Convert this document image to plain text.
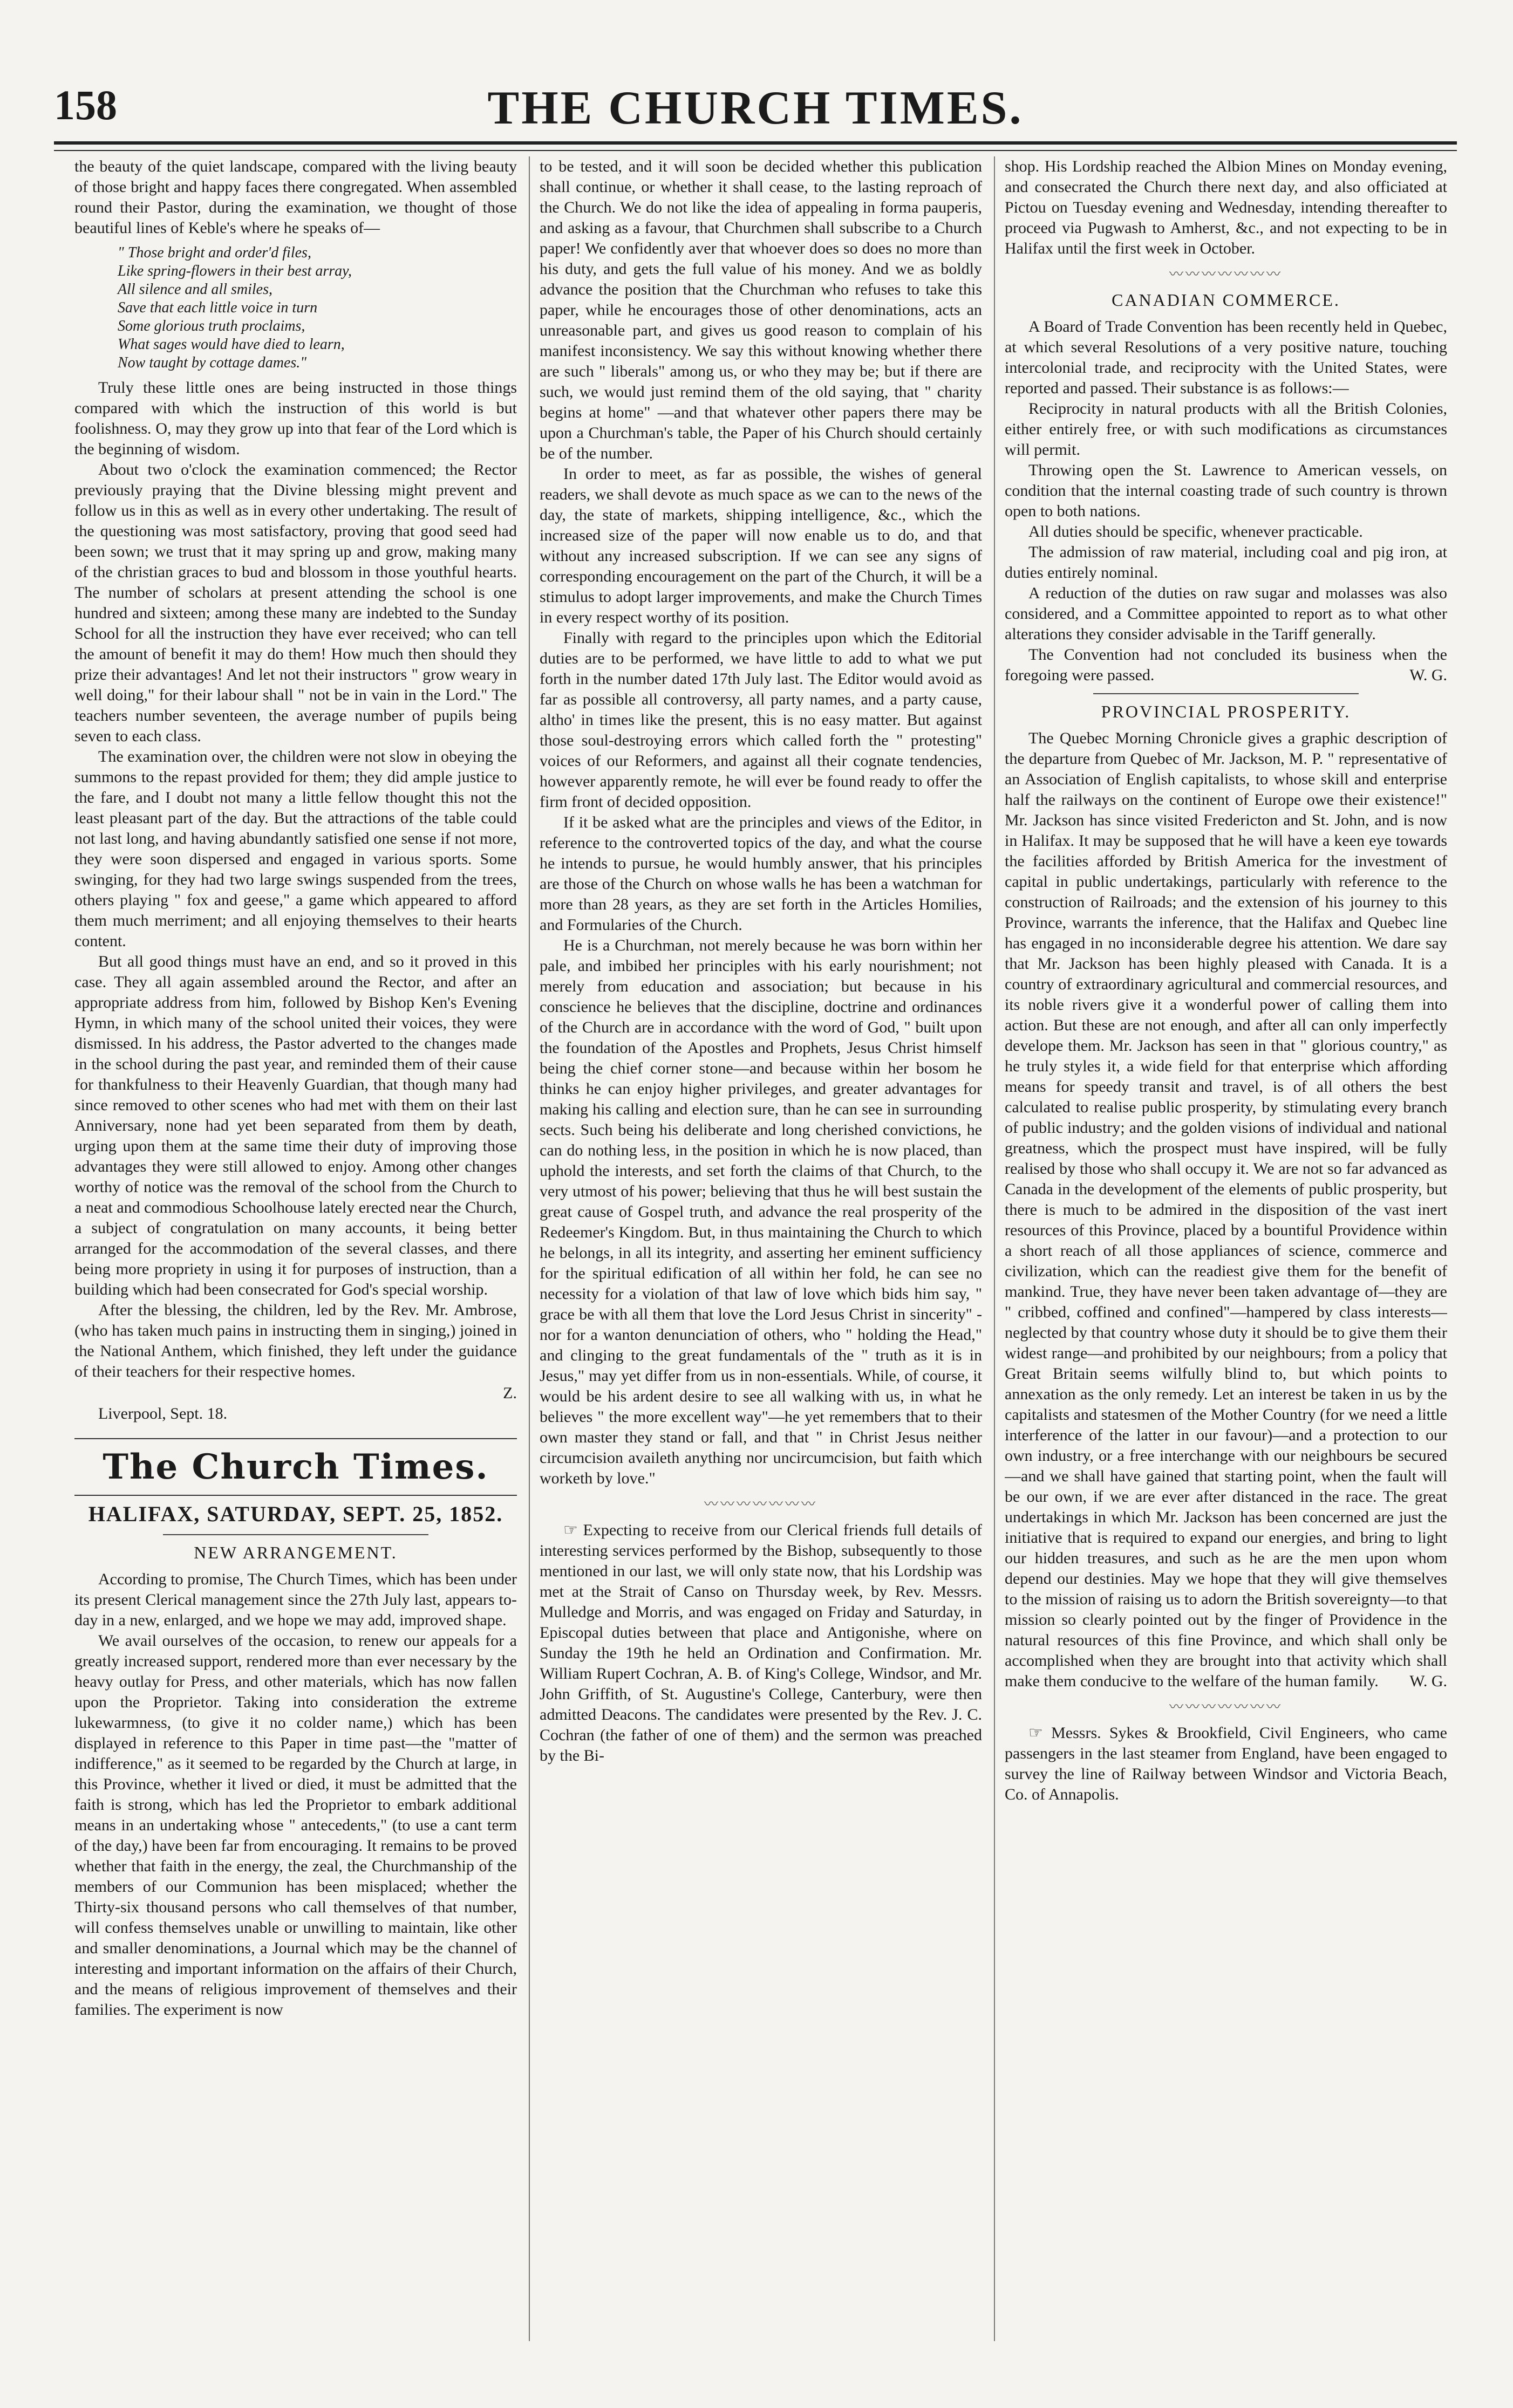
158	THE CHURCH TIMES.

the beauty of the quiet landscape, compared with the living beauty of those bright and happy faces there congregated. When assembled round their Pastor, during the examination, we thought of those beautiful lines of Keble's where he speaks of—

" Those bright and order'd files,
Like spring-flowers in their best array,
All silence and all smiles,
Save that each little voice in turn
Some glorious truth proclaims,
What sages would have died to learn,
Now taught by cottage dames."

Truly these little ones are being instructed in those things compared with which the instruction of this world is but foolishness. O, may they grow up into that fear of the Lord which is the beginning of wisdom.

About two o'clock the examination commenced; the Rector previously praying that the Divine blessing might prevent and follow us in this as well as in every other undertaking. The result of the questioning was most satisfactory, proving that good seed had been sown; we trust that it may spring up and grow, making many of the christian graces to bud and blossom in those youthful hearts. The number of scholars at present attending the school is one hundred and sixteen; among these many are indebted to the Sunday School for all the instruction they have ever received; who can tell the amount of benefit it may do them! How much then should they prize their advantages! And let not their instructors " grow weary in well doing," for their labour shall " not be in vain in the Lord." The teachers number seventeen, the average number of pupils being seven to each class.

The examination over, the children were not slow in obeying the summons to the repast provided for them; they did ample justice to the fare, and I doubt not many a little fellow thought this not the least pleasant part of the day. But the attractions of the table could not last long, and having abundantly satisfied one sense if not more, they were soon dispersed and engaged in various sports. Some swinging, for they had two large swings suspended from the trees, others playing " fox and geese," a game which appeared to afford them much merriment; and all enjoying themselves to their hearts content.

But all good things must have an end, and so it proved in this case. They all again assembled around the Rector, and after an appropriate address from him, followed by Bishop Ken's Evening Hymn, in which many of the school united their voices, they were dismissed. In his address, the Pastor adverted to the changes made in the school during the past year, and reminded them of their cause for thankfulness to their Heavenly Guardian, that though many had since removed to other scenes who had met with them on their last Anniversary, none had yet been separated from them by death, urging upon them at the same time their duty of improving those advantages they were still allowed to enjoy. Among other changes worthy of notice was the removal of the school from the Church to a neat and commodious Schoolhouse lately erected near the Church, a subject of congratulation on many accounts, it being better arranged for the accommodation of the several classes, and there being more propriety in using it for purposes of instruction, than a building which had been consecrated for God's special worship.

After the blessing, the children, led by the Rev. Mr. Ambrose, (who has taken much pains in instructing them in singing,) joined in the National Anthem, which finished, they left under the guidance of their teachers for their respective homes.

Z.
Liverpool, Sept. 18.
The Church Times.
HALIFAX, SATURDAY, SEPT. 25, 1852.
NEW ARRANGEMENT.

According to promise, The Church Times, which has been under its present Clerical management since the 27th July last, appears to-day in a new, enlarged, and we hope we may add, improved shape.

We avail ourselves of the occasion, to renew our appeals for a greatly increased support, rendered more than ever necessary by the heavy outlay for Press, and other materials, which has now fallen upon the Proprietor. Taking into consideration the extreme lukewarmness, (to give it no colder name,) which has been displayed in reference to this Paper in time past—the "matter of indifference," as it seemed to be regarded by the Church at large, in this Province, whether it lived or died, it must be admitted that the faith is strong, which has led the Proprietor to embark additional means in an undertaking whose " antecedents," (to use a cant term of the day,) have been far from encouraging. It remains to be proved whether that faith in the energy, the zeal, the Churchmanship of the members of our Communion has been misplaced; whether the Thirty-six thousand persons who call themselves of that number, will confess themselves unable or unwilling to maintain, like other and smaller denominations, a Journal which may be the channel of interesting and important information on the affairs of their Church, and the means of religious improvement of themselves and their families. The experiment is now

to be tested, and it will soon be decided whether this publication shall continue, or whether it shall cease, to the lasting reproach of the Church. We do not like the idea of appealing in forma pauperis, and asking as a favour, that Churchmen shall subscribe to a Church paper! We confidently aver that whoever does so does no more than his duty, and gets the full value of his money. And we as boldly advance the position that the Churchman who refuses to take this paper, while he encourages those of other denominations, acts an unreasonable part, and gives us good reason to complain of his manifest inconsistency. We say this without knowing whether there are such " liberals" among us, or who they may be; but if there are such, we would just remind them of the old saying, that " charity begins at home" —and that whatever other papers there may be upon a Churchman's table, the Paper of his Church should certainly be of the number.

In order to meet, as far as possible, the wishes of general readers, we shall devote as much space as we can to the news of the day, the state of markets, shipping intelligence, &c., which the increased size of the paper will now enable us to do, and that without any increased subscription. If we can see any signs of corresponding encouragement on the part of the Church, it will be a stimulus to adopt larger improvements, and make the Church Times in every respect worthy of its position.

Finally with regard to the principles upon which the Editorial duties are to be performed, we have little to add to what we put forth in the number dated 17th July last. The Editor would avoid as far as possible all controversy, all party names, and a party cause, altho' in times like the present, this is no easy matter. But against those soul-destroying errors which called forth the " protesting" voices of our Reformers, and against all their cognate tendencies, however apparently remote, he will ever be found ready to offer the firm front of decided opposition.

If it be asked what are the principles and views of the Editor, in reference to the controverted topics of the day, and what the course he intends to pursue, he would humbly answer, that his principles are those of the Church on whose walls he has been a watchman for more than 28 years, as they are set forth in the Articles Homilies, and Formularies of the Church.

He is a Churchman, not merely because he was born within her pale, and imbibed her principles with his early nourishment; not merely from education and association; but because in his conscience he believes that the discipline, doctrine and ordinances of the Church are in accordance with the word of God, " built upon the foundation of the Apostles and Prophets, Jesus Christ himself being the chief corner stone—and because within her bosom he thinks he can enjoy higher privileges, and greater advantages for making his calling and election sure, than he can see in surrounding sects. Such being his deliberate and long cherished convictions, he can do nothing less, in the position in which he is now placed, than uphold the interests, and set forth the claims of that Church, to the very utmost of his power; believing that thus he will best sustain the great cause of Gospel truth, and advance the real prosperity of the Redeemer's Kingdom. But, in thus maintaining the Church to which he belongs, in all its integrity, and asserting her eminent sufficiency for the spiritual edification of all within her fold, he can see no necessity for a violation of that law of love which bids him say, " grace be with all them that love the Lord Jesus Christ in sincerity" -nor for a wanton denunciation of others, who " holding the Head," and clinging to the great fundamentals of the " truth as it is in Jesus," may yet differ from us in non-essentials. While, of course, it would be his ardent desire to see all walking with us, in what he believes " the more excellent way"—he yet remembers that to their own master they stand or fall, and that " in Christ Jesus neither circumcision availeth anything nor uncircumcision, but faith which worketh by love."

〰〰〰〰〰〰〰

☞ Expecting to receive from our Clerical friends full details of interesting services performed by the Bishop, subsequently to those mentioned in our last, we will only state now, that his Lordship was met at the Strait of Canso on Thursday week, by Rev. Messrs. Mulledge and Morris, and was engaged on Friday and Saturday, in Episcopal duties between that place and Antigonishe, where on Sunday the 19th he held an Ordination and Confirmation. Mr. William Rupert Cochran, A. B. of King's College, Windsor, and Mr. John Griffith, of St. Augustine's College, Canterbury, were then admitted Deacons. The candidates were presented by the Rev. J. C. Cochran (the father of one of them) and the sermon was preached by the Bi-

shop. His Lordship reached the Albion Mines on Monday evening, and consecrated the Church there next day, and also officiated at Pictou on Tuesday evening and Wednesday, intending thereafter to proceed via Pugwash to Amherst, &c., and not expecting to be in Halifax until the first week in October.

〰〰〰〰〰〰〰
CANADIAN COMMERCE.

A Board of Trade Convention has been recently held in Quebec, at which several Resolutions of a very positive nature, touching intercolonial trade, and reciprocity with the United States, were reported and passed. Their substance is as follows:—

Reciprocity in natural products with all the British Colonies, either entirely free, or with such modifications as circumstances will permit.

Throwing open the St. Lawrence to American vessels, on condition that the internal coasting trade of such country is thrown open to both nations.

All duties should be specific, whenever practicable.

The admission of raw material, including coal and pig iron, at duties entirely nominal.

A reduction of the duties on raw sugar and molasses was also considered, and a Committee appointed to report as to what other alterations they consider advisable in the Tariff generally.

The Convention had not concluded its business when the foregoing were passed.	W. G.

PROVINCIAL PROSPERITY.

The Quebec Morning Chronicle gives a graphic description of the departure from Quebec of Mr. Jackson, M. P. " representative of an Association of English capitalists, to whose skill and enterprise half the railways on the continent of Europe owe their existence!" Mr. Jackson has since visited Fredericton and St. John, and is now in Halifax. It may be supposed that he will have a keen eye towards the facilities afforded by British America for the investment of capital in public undertakings, particularly with reference to the construction of Railroads; and the extension of his journey to this Province, warrants the inference, that the Halifax and Quebec line has engaged in no inconsiderable degree his attention. We dare say that Mr. Jackson has been highly pleased with Canada. It is a country of extraordinary agricultural and commercial resources, and its noble rivers give it a wonderful power of calling them into action. But these are not enough, and after all can only imperfectly develope them. Mr. Jackson has seen in that " glorious country," as he truly styles it, a wide field for that enterprise which affording means for speedy transit and travel, is of all others the best calculated to realise public prosperity, by stimulating every branch of public industry; and the golden visions of individual and national greatness, which the prospect must have inspired, will be fully realised by those who shall occupy it. We are not so far advanced as Canada in the development of the elements of public prosperity, but there is much to be admired in the disposition of the vast inert resources of this Province, placed by a bountiful Providence within a short reach of all those appliances of science, commerce and civilization, which can the readiest give them for the benefit of mankind. True, they have never been taken advantage of—they are " cribbed, coffined and confined"—hampered by class interests—neglected by that country whose duty it should be to give them their widest range—and prohibited by our neighbours; from a policy that Great Britain seems wilfully blind to, but which points to annexation as the only remedy. Let an interest be taken in us by the capitalists and statesmen of the Mother Country (for we need a little interference of the latter in our favour)—and a protection to our own industry, or a free interchange with our neighbours be secured—and we shall have gained that starting point, when the fault will be our own, if we are ever after distanced in the race. The great undertakings in which Mr. Jackson has been concerned are just the initiative that is required to expand our energies, and bring to light our hidden treasures, and such as he are the men upon whom depend our destinies. May we hope that they will give themselves to the mission of raising us to adorn the British sovereignty—to that mission so clearly pointed out by the finger of Providence in the natural resources of this fine Province, and which shall only be accomplished when they are brought into that activity which shall make them conducive to the welfare of the human family.	W. G.

〰〰〰〰〰〰〰

☞ Messrs. Sykes & Brookfield, Civil Engineers, who came passengers in the last steamer from England, have been engaged to survey the line of Railway between Windsor and Victoria Beach, Co. of Annapolis.
